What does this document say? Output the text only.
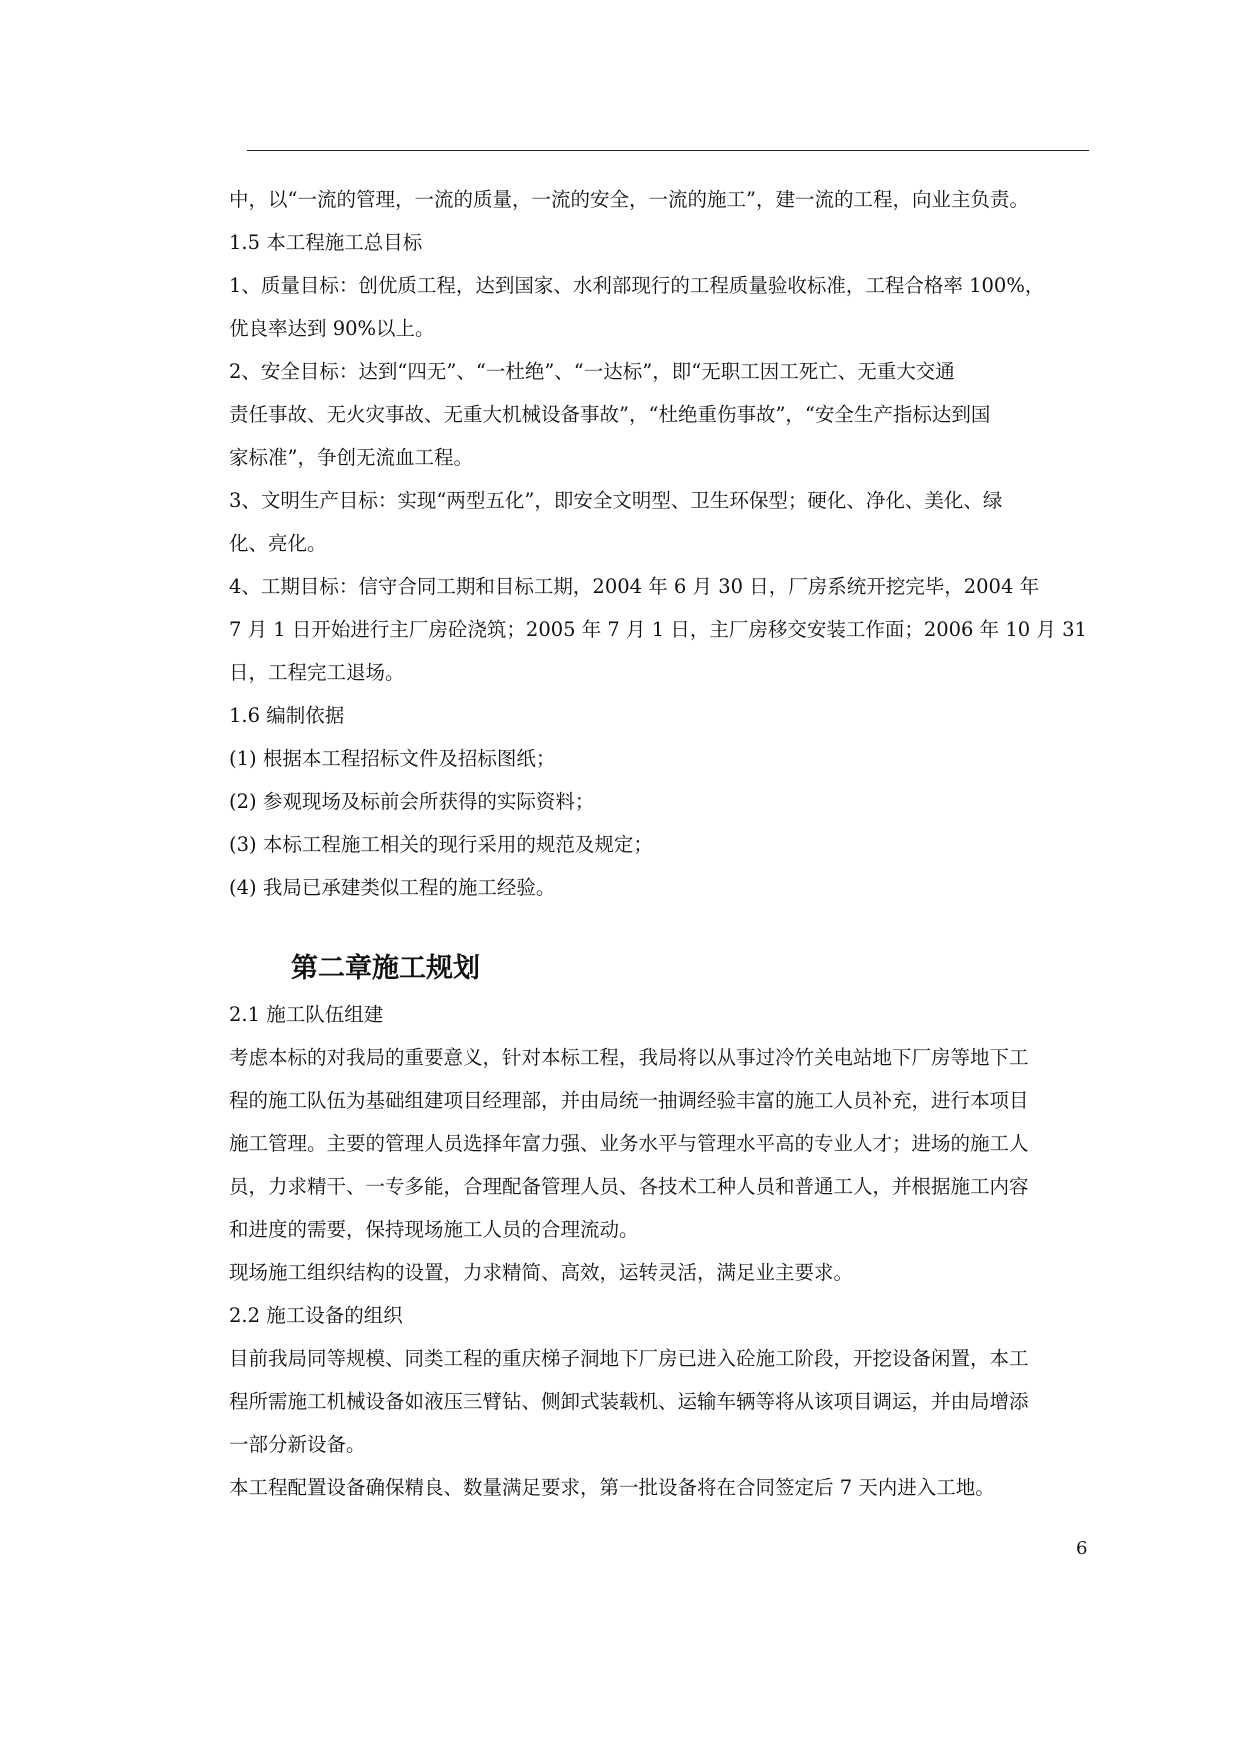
中，以“一流的管理，一流的质量，一流的安全，一流的施工”，建一流的工程，向业主负责。
1.5 本工程施工总目标
1、质量目标：创优质工程，达到国家、水利部现行的工程质量验收标准，工程合格率 100%，
优良率达到 90%以上。
2、安全目标：达到“四无”、“一杜绝”、“一达标”，即“无职工因工死亡、无重大交通
责任事故、无火灾事故、无重大机械设备事故”，“杜绝重伤事故”，“安全生产指标达到国
家标准”，争创无流血工程。
3、文明生产目标：实现“两型五化”，即安全文明型、卫生环保型；硬化、净化、美化、绿
化、亮化。
4、工期目标：信守合同工期和目标工期，2004 年 6 月 30 日，厂房系统开挖完毕，2004 年
7 月 1 日开始进行主厂房砼浇筑；2005 年 7 月 1 日，主厂房移交安装工作面；2006 年 10 月 31
日，工程完工退场。
1.6 编制依据
(1) 根据本工程招标文件及招标图纸；
(2) 参观现场及标前会所获得的实际资料；
(3) 本标工程施工相关的现行采用的规范及规定；
(4) 我局已承建类似工程的施工经验。
第二章施工规划
2.1 施工队伍组建
考虑本标的对我局的重要意义，针对本标工程，我局将以从事过冷竹关电站地下厂房等地下工
程的施工队伍为基础组建项目经理部，并由局统一抽调经验丰富的施工人员补充，进行本项目
施工管理。主要的管理人员选择年富力强、业务水平与管理水平高的专业人才；进场的施工人
员，力求精干、一专多能，合理配备管理人员、各技术工种人员和普通工人，并根据施工内容
和进度的需要，保持现场施工人员的合理流动。
现场施工组织结构的设置，力求精简、高效，运转灵活，满足业主要求。
2.2 施工设备的组织
目前我局同等规模、同类工程的重庆梯子洞地下厂房已进入砼施工阶段，开挖设备闲置，本工
程所需施工机械设备如液压三臂钻、侧卸式装载机、运输车辆等将从该项目调运，并由局增添
一部分新设备。
本工程配置设备确保精良、数量满足要求，第一批设备将在合同签定后 7 天内进入工地。
6
